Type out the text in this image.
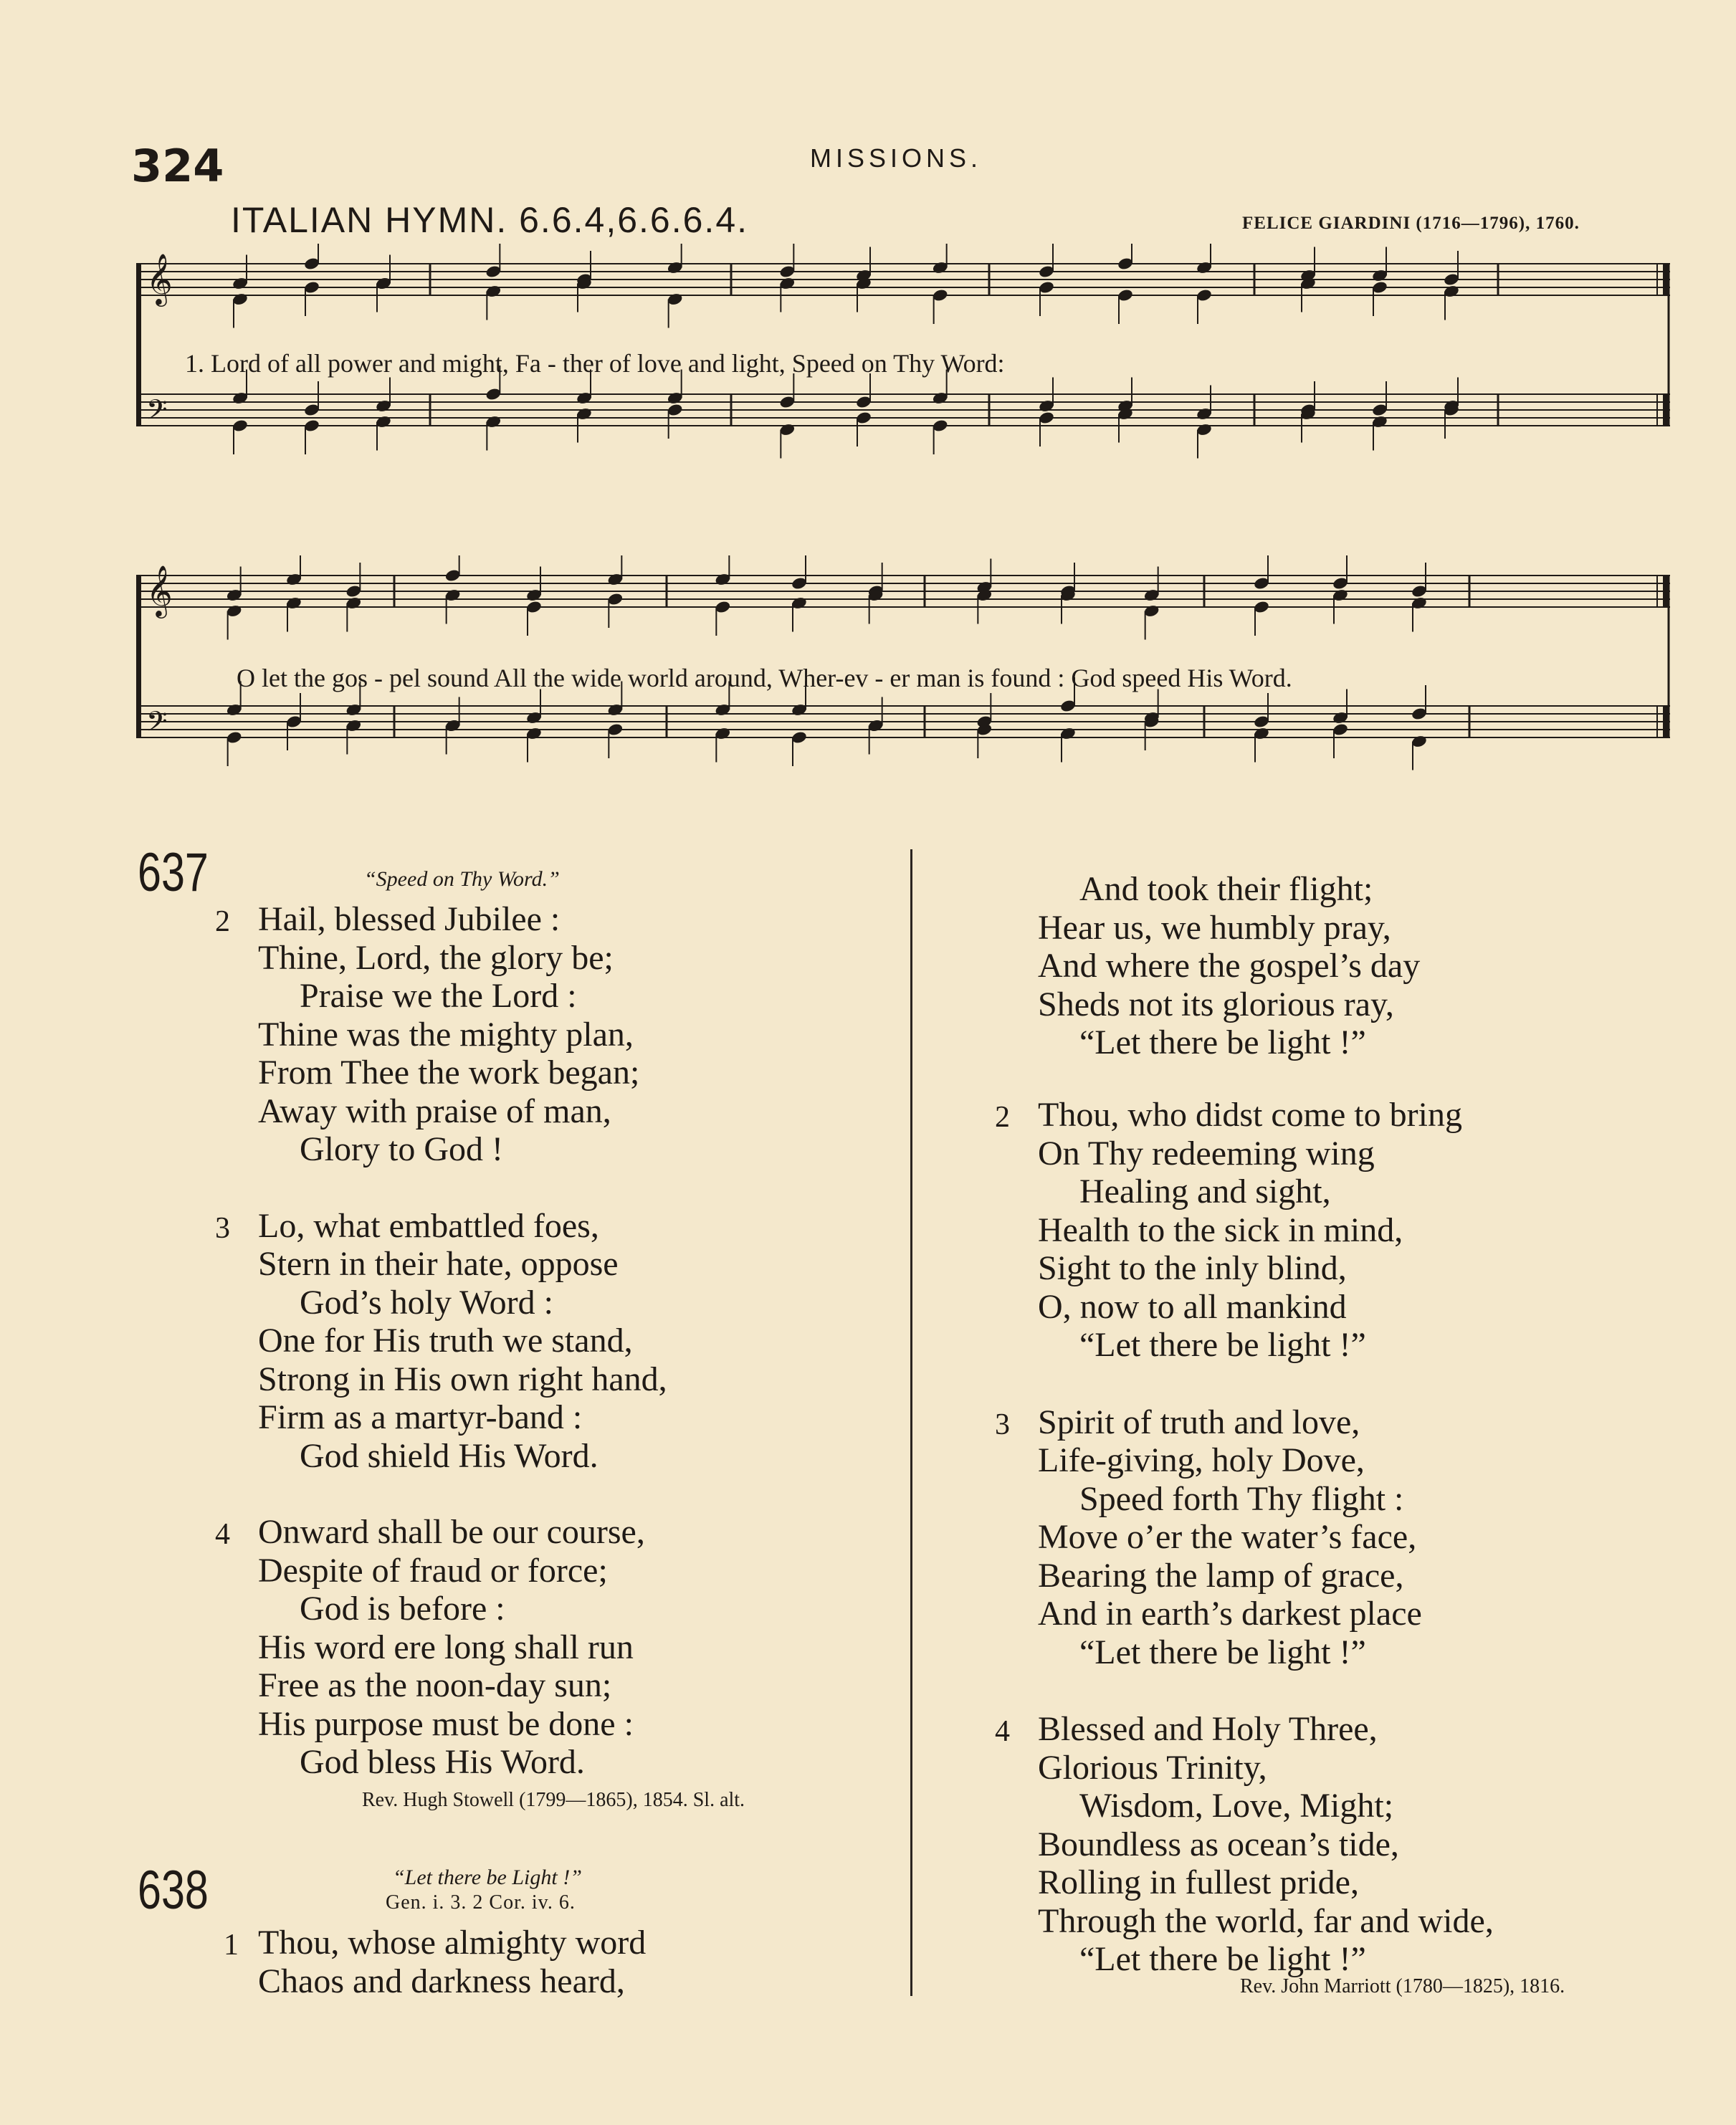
324	MISSIONS.
ITALIAN HYMN. 6.6.4,6.6.6.4.	FELICE GIARDINI (1716—1796), 1760.
𝄞
𝄢
1. Lord of all power and might, Fa - ther of love and light, Speed on Thy Word:
𝄞
𝄢
O let the gos - pel sound All the wide world around, Wher-ev - er man is found : God speed His Word.
637	“Speed on Thy Word.”
2 Hail, blessed Jubilee :
Thine, Lord, the glory be;
Praise we the Lord :
Thine was the mighty plan,
From Thee the work began;
Away with praise of man,
Glory to God !
3 Lo, what embattled foes,
Stern in their hate, oppose
God’s holy Word :
One for His truth we stand,
Strong in His own right hand,
Firm as a martyr-band :
God shield His Word.
4 Onward shall be our course,
Despite of fraud or force;
God is before :
His word ere long shall run
Free as the noon-day sun;
His purpose must be done :
God bless His Word.
Rev. Hugh Stowell (1799—1865), 1854. Sl. alt.
638	“Let there be Light !”
Gen. i. 3. 2 Cor. iv. 6.
1 Thou, whose almighty word
Chaos and darkness heard,
And took their flight;
Hear us, we humbly pray,
And where the gospel’s day
Sheds not its glorious ray,
“Let there be light !”
2 Thou, who didst come to bring
On Thy redeeming wing
Healing and sight,
Health to the sick in mind,
Sight to the inly blind,
O, now to all mankind
“Let there be light !”
3 Spirit of truth and love,
Life-giving, holy Dove,
Speed forth Thy flight :
Move o’er the water’s face,
Bearing the lamp of grace,
And in earth’s darkest place
“Let there be light !”
4 Blessed and Holy Three,
Glorious Trinity,
Wisdom, Love, Might;
Boundless as ocean’s tide,
Rolling in fullest pride,
Through the world, far and wide,
“Let there be light !”
Rev. John Marriott (1780—1825), 1816.
